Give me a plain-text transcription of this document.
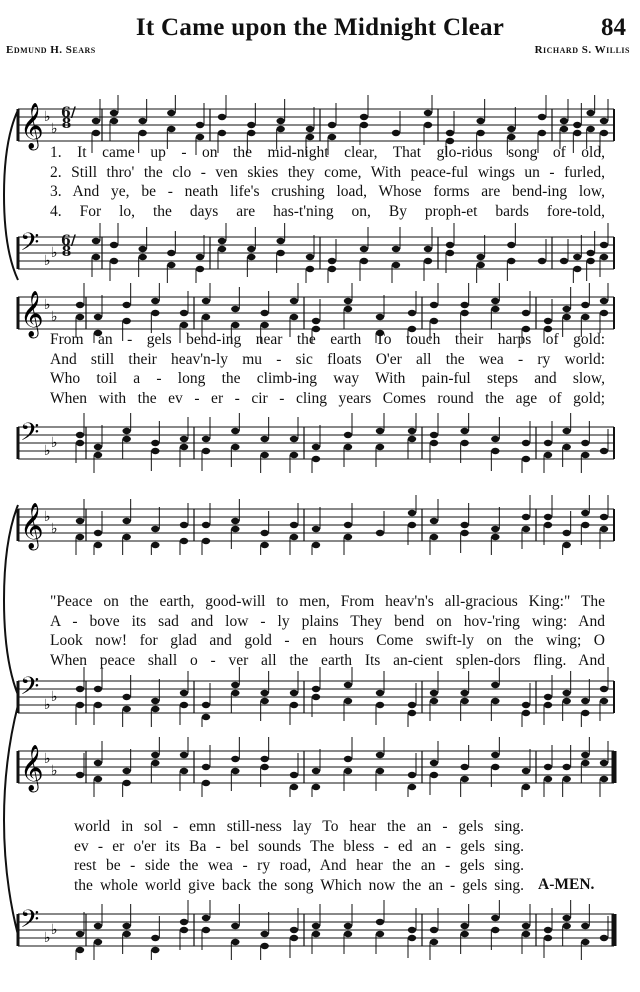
It Came upon the Midnight Clear	84
Edmund H. Sears	Richard S. Willis
𝄞 ♭
♭
6/8
1. It came up - on the mid-night clear, That glo-rious song of old,
2. Still thro' the clo - ven skies they come, With peace-ful wings un - furled,
3. And ye, be - neath life's crushing load, Whose forms are bend-ing low,
4. For lo, the days are has-t'ning on, By proph-et bards fore-told,
𝄢 ♭ ♭
6/8
𝄞 ♭
♭
From an - gels bend-ing near the earth To touch their harps of gold:
And still their heav'n-ly mu - sic floats O'er all the wea - ry world:
Who toil a - long the climb-ing way With pain-ful steps and slow,
When with the ev - er - cir - cling years Comes round the age of gold;
𝄢 ♭ ♭
𝄞 ♭
♭
"Peace on the earth, good-will to men, From heav'n's all-gracious King:" The
A - bove its sad and low - ly plains They bend on hov-'ring wing: And
Look now! for glad and gold - en hours Come swift-ly on the wing; O
When peace shall o - ver all the earth Its an-cient splen-dors fling. And
𝄢 ♭ ♭
𝄞 ♭
♭
world in sol - emn still-ness lay To hear the an - gels sing.
ev - er o'er its Ba - bel sounds The bless - ed an - gels sing.
rest be - side the wea - ry road, And hear the an - gels sing.
the whole world give back the song Which now the an - gels sing. A-MEN.
𝄢 ♭ ♭
